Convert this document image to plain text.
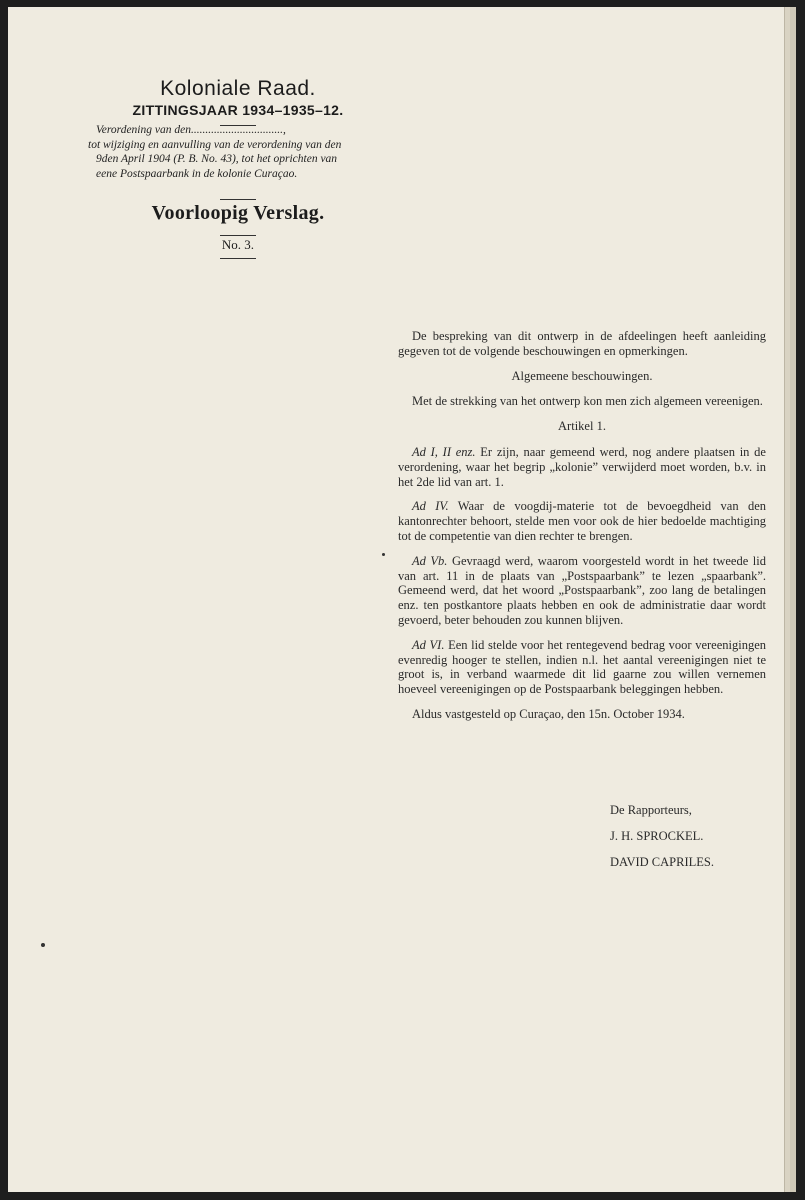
Koloniale Raad.
ZITTINGSJAAR 1934–1935–12.
Verordening van den................................,
tot wijziging en aanvulling van de verordening van den 9den April 1904 (P. B. No. 43), tot het oprichten van eene Postspaarbank in de kolonie Curaçao.
Voorloopig Verslag.
No. 3.

De bespreking van dit ontwerp in de afdeelingen heeft aanleiding gegeven tot de volgende beschouwingen en opmerkingen.

Algemeene beschouwingen.

Met de strekking van het ontwerp kon men zich algemeen vereenigen.

Artikel 1.

Ad I, II enz. Er zijn, naar gemeend werd, nog andere plaatsen in de verordening, waar het begrip „kolonie” verwijderd moet worden, b.v. in het 2de lid van art. 1.

Ad IV. Waar de voogdij-materie tot de bevoegdheid van den kantonrechter behoort, stelde men voor ook de hier bedoelde machtiging tot de competentie van dien rechter te brengen.

Ad Vb. Gevraagd werd, waarom voorgesteld wordt in het tweede lid van art. 11 in de plaats van „Postspaarbank” te lezen „spaarbank”. Gemeend werd, dat het woord „Postspaarbank”, zoo lang de betalingen enz. ten postkantore plaats hebben en ook de administratie daar wordt gevoerd, beter behouden zou kunnen blijven.

Ad VI. Een lid stelde voor het rentegevend bedrag voor vereenigingen evenredig hooger te stellen, indien n.l. het aantal vereenigingen niet te groot is, in verband waarmede dit lid gaarne zou willen vernemen hoeveel vereenigingen op de Postspaarbank beleggingen hebben.

Aldus vastgesteld op Curaçao, den 15n. October 1934.

De Rapporteurs,
J. H. SPROCKEL.
DAVID CAPRILES.
